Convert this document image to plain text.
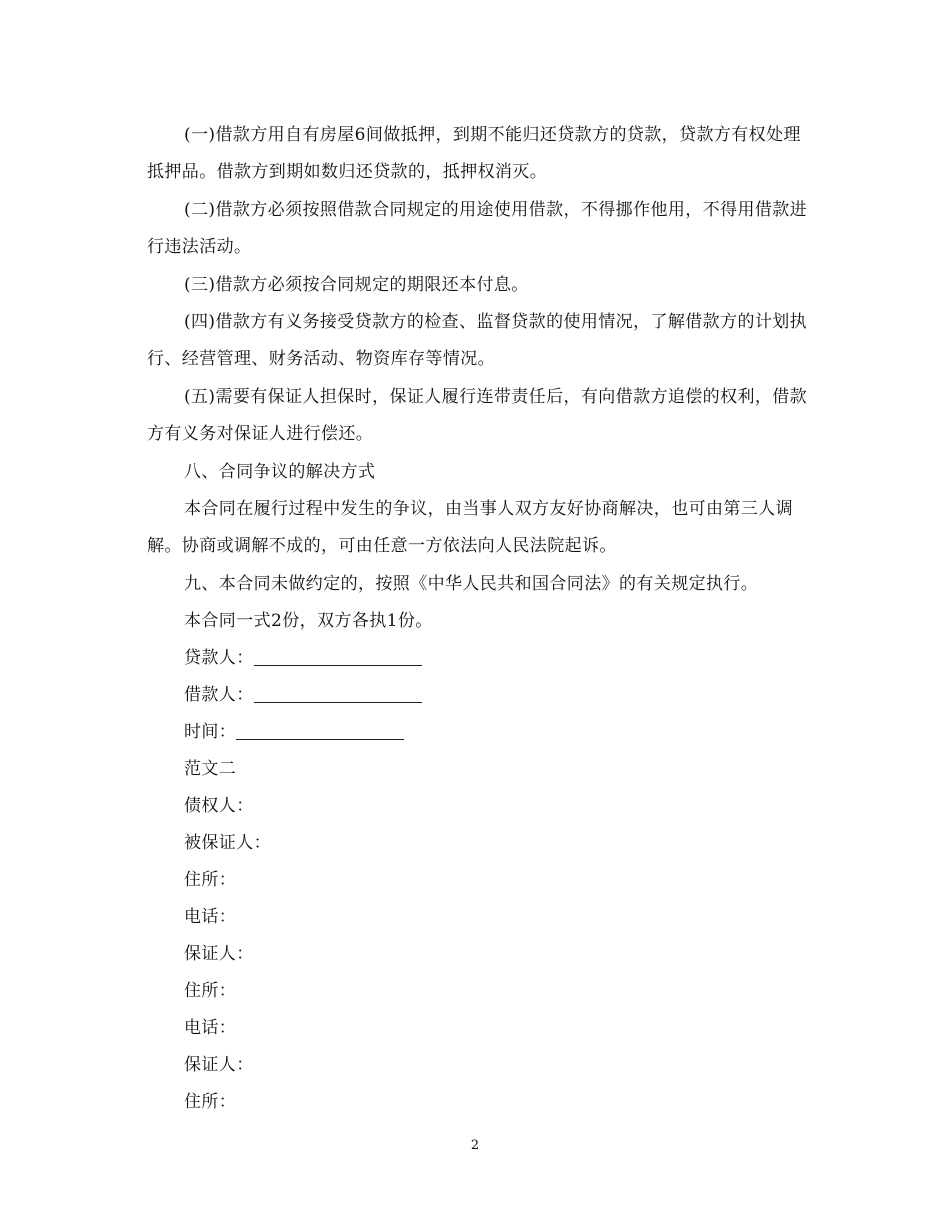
(一)借款方用自有房屋6间做抵押，到期不能归还贷款方的贷款，贷款方有权处理抵押品。借款方到期如数归还贷款的，抵押权消灭。

(二)借款方必须按照借款合同规定的用途使用借款，不得挪作他用，不得用借款进行违法活动。

(三)借款方必须按合同规定的期限还本付息。

(四)借款方有义务接受贷款方的检查、监督贷款的使用情况，了解借款方的计划执行、经营管理、财务活动、物资库存等情况。

(五)需要有保证人担保时，保证人履行连带责任后，有向借款方追偿的权利，借款方有义务对保证人进行偿还。

八、合同争议的解决方式

本合同在履行过程中发生的争议，由当事人双方友好协商解决，也可由第三人调解。协商或调解不成的，可由任意一方依法向人民法院起诉。

九、本合同未做约定的，按照《中华人民共和国合同法》的有关规定执行。

本合同一式2份，双方各执1份。

贷款人：

借款人：

时间：

范文二

债权人：

被保证人：

住所：

电话：

保证人：

住所：

电话：

保证人：

住所：

2
